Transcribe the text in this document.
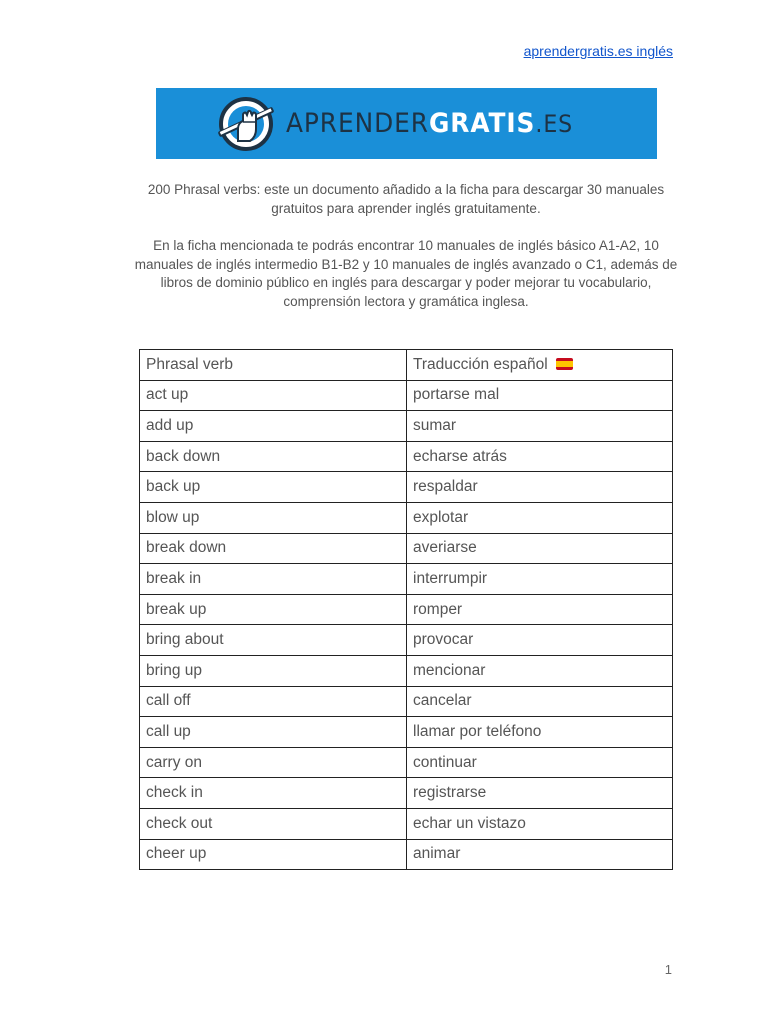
aprendergratis.es inglés
APRENDERGRATIS.ES

200 Phrasal verbs: este un documento añadido a la ficha para descargar 30 manuales gratuitos para aprender inglés gratuitamente.

En la ficha mencionada te podrás encontrar 10 manuales de inglés básico A1-A2, 10 manuales de inglés intermedio B1-B2 y 10 manuales de inglés avanzado o C1, además de libros de dominio público en inglés para descargar y poder mejorar tu vocabulario, comprensión lectora y gramática inglesa.

Phrasal verb	Traducción español
act up	portarse mal
add up	sumar
back down	echarse atrás
back up	respaldar
blow up	explotar
break down	averiarse
break in	interrumpir
break up	romper
bring about	provocar
bring up	mencionar
call off	cancelar
call up	llamar por teléfono
carry on	continuar
check in	registrarse
check out	echar un vistazo
cheer up	animar
1
